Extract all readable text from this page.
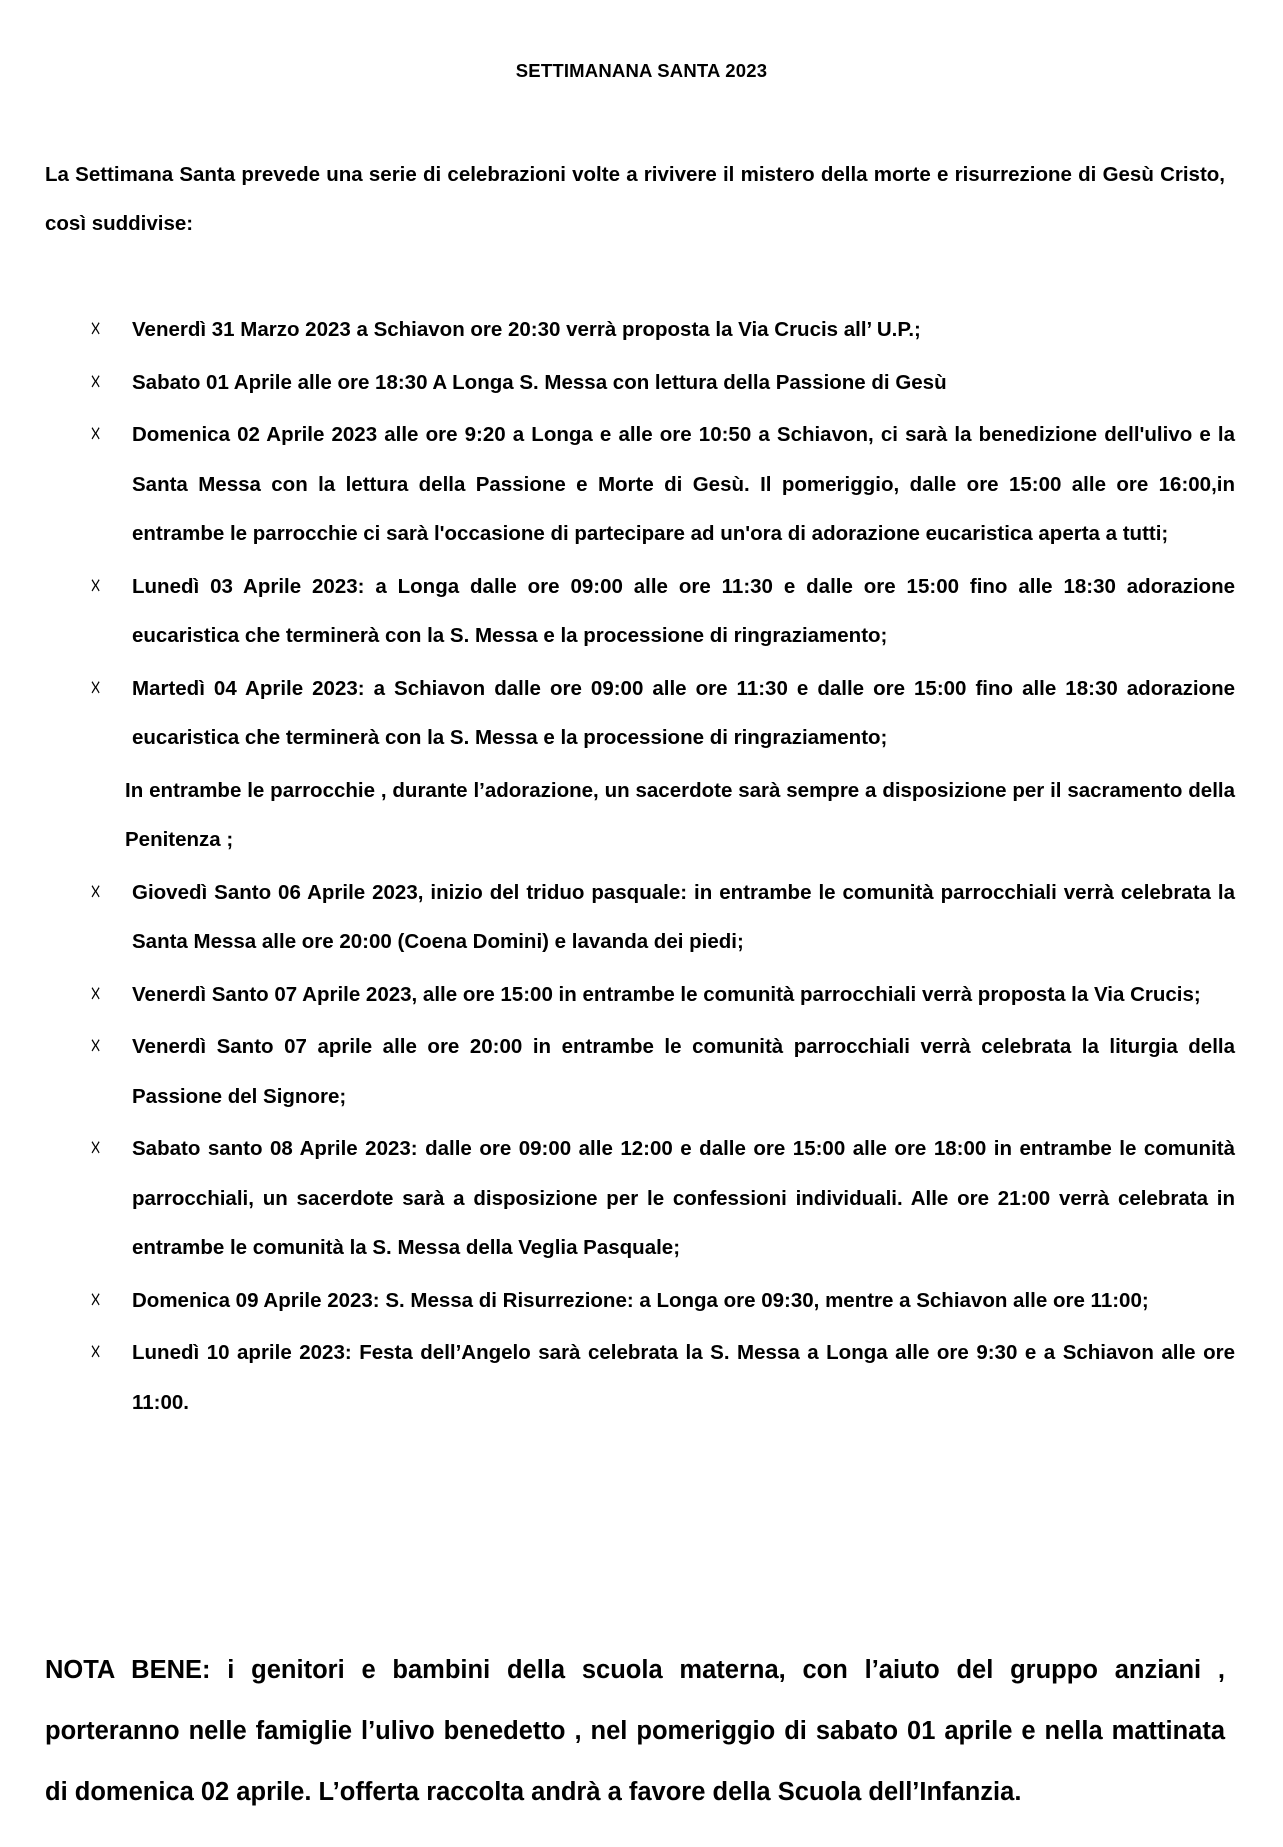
SETTIMANANA SANTA 2023
La Settimana Santa prevede una serie di celebrazioni volte a rivivere il mistero della morte e risurrezione di Gesù Cristo, così suddivise:
☓ Venerdì 31 Marzo 2023 a Schiavon ore 20:30 verrà proposta la Via Crucis all’ U.P.;
☓ Sabato 01 Aprile alle ore 18:30 A Longa S. Messa con lettura della Passione di Gesù
☓ Domenica 02 Aprile 2023 alle ore 9:20 a Longa e alle ore 10:50 a Schiavon, ci sarà la benedizione dell'ulivo e la Santa Messa con la lettura della Passione e Morte di Gesù. Il pomeriggio, dalle ore 15:00 alle ore 16:00,in entrambe le parrocchie ci sarà l'occasione di partecipare ad un'ora di adorazione eucaristica aperta a tutti;
☓ Lunedì 03 Aprile 2023: a Longa dalle ore 09:00 alle ore 11:30 e dalle ore 15:00 fino alle 18:30 adorazione eucaristica che terminerà con la S. Messa e la processione di ringraziamento;
☓ Martedì 04 Aprile 2023: a Schiavon dalle ore 09:00 alle ore 11:30 e dalle ore 15:00 fino alle 18:30 adorazione eucaristica che terminerà con la S. Messa e la processione di ringraziamento;
In entrambe le parrocchie , durante l’adorazione, un sacerdote sarà sempre a disposizione per il sacramento della Penitenza ;
☓ Giovedì Santo 06 Aprile 2023, inizio del triduo pasquale: in entrambe le comunità parrocchiali verrà celebrata la Santa Messa alle ore 20:00 (Coena Domini) e lavanda dei piedi;
☓ Venerdì Santo 07 Aprile 2023, alle ore 15:00 in entrambe le comunità parrocchiali verrà proposta la Via Crucis;
☓ Venerdì Santo 07 aprile alle ore 20:00 in entrambe le comunità parrocchiali verrà celebrata la liturgia della Passione del Signore;
☓ Sabato santo 08 Aprile 2023: dalle ore 09:00 alle 12:00 e dalle ore 15:00 alle ore 18:00 in entrambe le comunità parrocchiali, un sacerdote sarà a disposizione per le confessioni individuali. Alle ore 21:00 verrà celebrata in entrambe le comunità la S. Messa della Veglia Pasquale;
☓ Domenica 09 Aprile 2023: S. Messa di Risurrezione: a Longa ore 09:30, mentre a Schiavon alle ore 11:00;
☓ Lunedì 10 aprile 2023: Festa dell’Angelo sarà celebrata la S. Messa a Longa alle ore 9:30 e a Schiavon alle ore 11:00.
NOTA BENE: i genitori e bambini della scuola materna, con l’aiuto del gruppo anziani , porteranno nelle famiglie l’ulivo benedetto , nel pomeriggio di sabato 01 aprile e nella mattinata di domenica 02 aprile. L’offerta raccolta andrà a favore della Scuola dell’Infanzia.
